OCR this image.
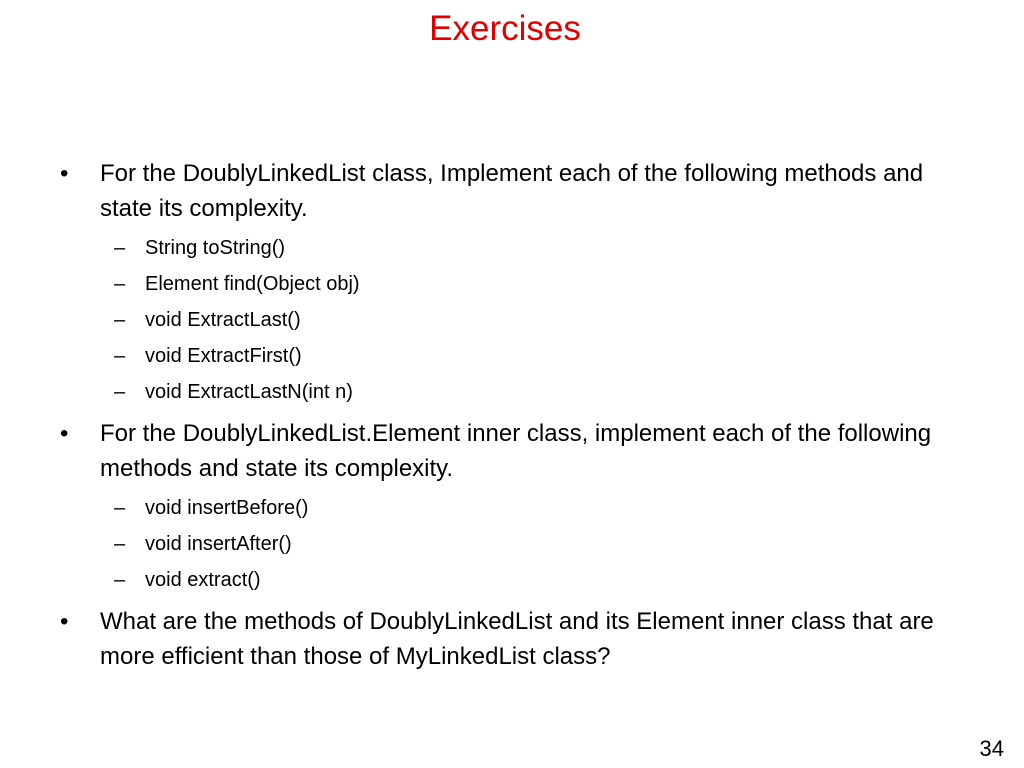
Exercises
• For the DoublyLinkedList class, Implement each of the following methods and state its complexity.
– String toString()
– Element find(Object obj)
– void ExtractLast()
– void ExtractFirst()
– void ExtractLastN(int n)
• For the DoublyLinkedList.Element inner class, implement each of the following methods and state its complexity.
– void insertBefore()
– void insertAfter()
– void extract()
• What are the methods of DoublyLinkedList and its Element inner class that are more efficient than those of MyLinkedList class?
34
